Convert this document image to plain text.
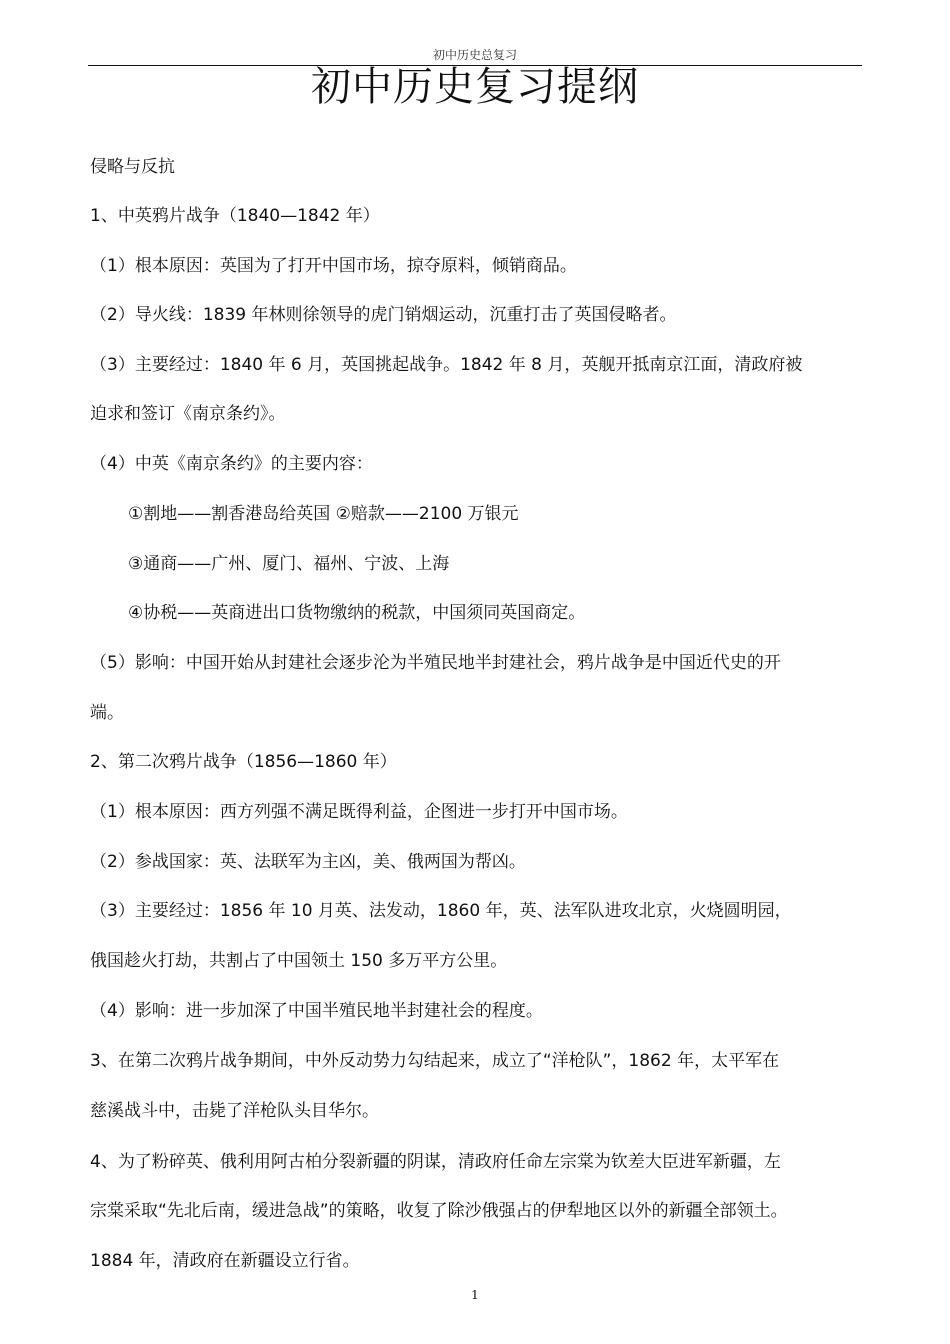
初中历史总复习
初中历史复习提纲
侵略与反抗
1、中英鸦片战争（1840—1842 年）
（1）根本原因：英国为了打开中国市场，掠夺原料，倾销商品。
（2）导火线：1839 年林则徐领导的虎门销烟运动，沉重打击了英国侵略者。
（3）主要经过：1840 年 6 月，英国挑起战争。1842 年 8 月，英舰开抵南京江面，清政府被
迫求和签订《南京条约》。
（4）中英《南京条约》的主要内容：
①割地——割香港岛给英国 ②赔款——2100 万银元
③通商——广州、厦门、福州、宁波、上海
④协税——英商进出口货物缴纳的税款，中国须同英国商定。
（5）影响：中国开始从封建社会逐步沦为半殖民地半封建社会，鸦片战争是中国近代史的开
端。
2、第二次鸦片战争（1856—1860 年）
（1）根本原因：西方列强不满足既得利益，企图进一步打开中国市场。
（2）参战国家：英、法联军为主凶，美、俄两国为帮凶。
（3）主要经过：1856 年 10 月英、法发动，1860 年，英、法军队进攻北京，火烧圆明园，
俄国趁火打劫，共割占了中国领土 150 多万平方公里。
（4）影响：进一步加深了中国半殖民地半封建社会的程度。
3、在第二次鸦片战争期间，中外反动势力勾结起来，成立了“洋枪队”，1862 年，太平军在
慈溪战斗中，击毙了洋枪队头目华尔。
4、为了粉碎英、俄利用阿古柏分裂新疆的阴谋，清政府任命左宗棠为钦差大臣进军新疆，左
宗棠采取“先北后南，缓进急战”的策略，收复了除沙俄强占的伊犁地区以外的新疆全部领土。
1884 年，清政府在新疆设立行省。
1
